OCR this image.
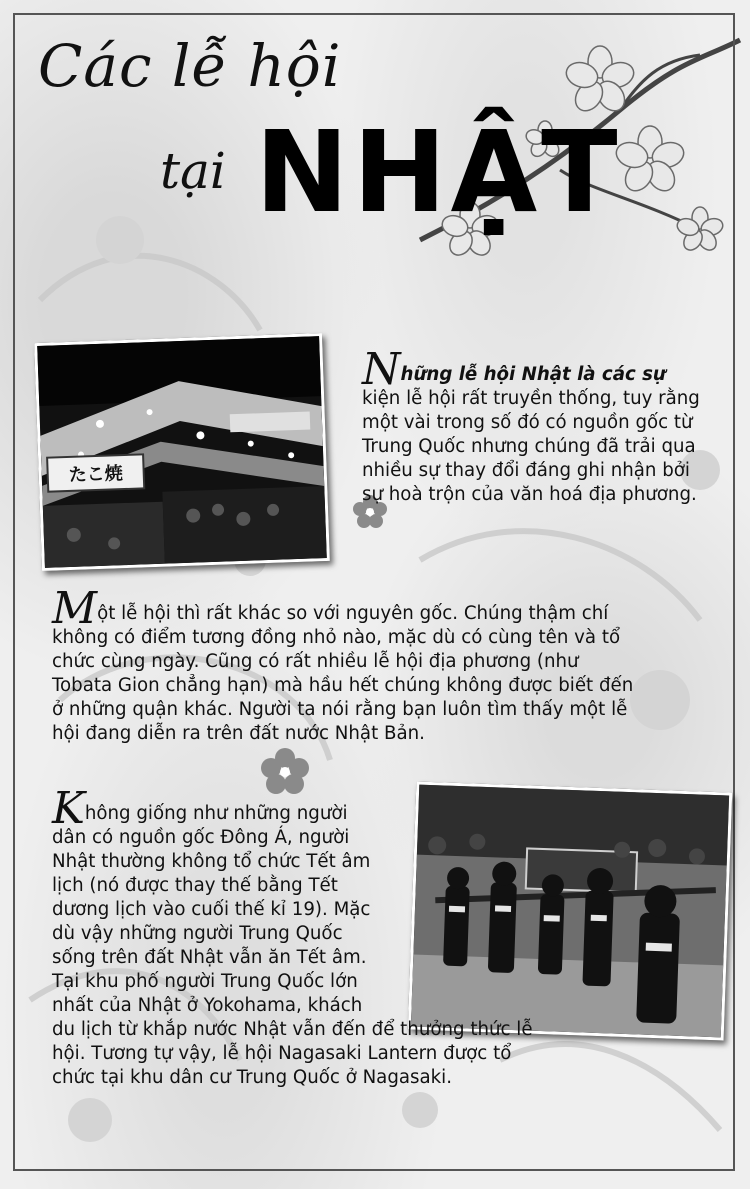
Các lễ hội
tại NHẬT
たこ焼
Những lễ hội Nhật là các sự
kiện lễ hội rất truyền thống, tuy rằng
một vài trong số đó có nguồn gốc từ
Trung Quốc nhưng chúng đã trải qua
nhiều sự thay đổi đáng ghi nhận bởi
sự hoà trộn của văn hoá địa phương.
Một lễ hội thì rất khác so với nguyên gốc. Chúng thậm chí
không có điểm tương đồng nhỏ nào, mặc dù có cùng tên và tổ
chức cùng ngày. Cũng có rất nhiều lễ hội địa phương (như
Tobata Gion chẳng hạn) mà hầu hết chúng không được biết đến
ở những quận khác. Người ta nói rằng bạn luôn tìm thấy một lễ
hội đang diễn ra trên đất nước Nhật Bản.
Không giống như những người
dân có nguồn gốc Đông Á, người
Nhật thường không tổ chức Tết âm
lịch (nó được thay thế bằng Tết
dương lịch vào cuối thế kỉ 19). Mặc
dù vậy những người Trung Quốc
sống trên đất Nhật vẫn ăn Tết âm.
Tại khu phố người Trung Quốc lớn
nhất của Nhật ở Yokohama, khách
du lịch từ khắp nước Nhật vẫn đến để thưởng thức lễ
hội. Tương tự vậy, lễ hội Nagasaki Lantern được tổ
chức tại khu dân cư Trung Quốc ở Nagasaki.
